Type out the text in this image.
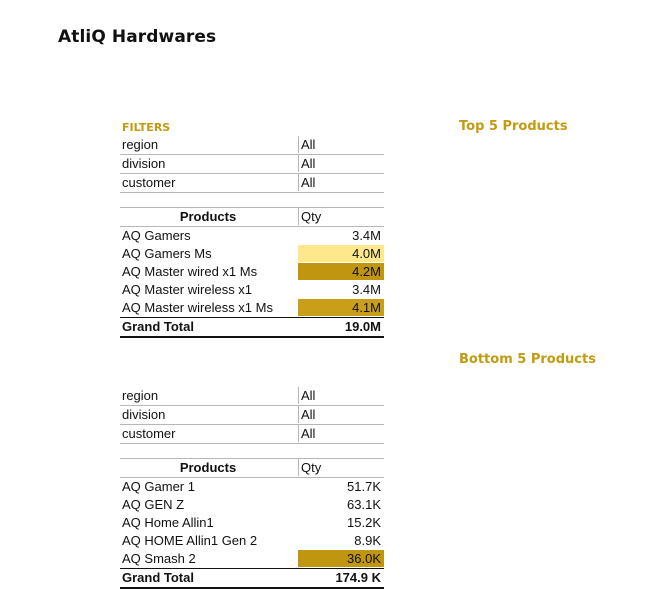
AtliQ Hardwares
Top 5 Products
Bottom 5 Products
FILTERS
region	All
division	All
customer	All
Products	Qty
AQ Gamers	3.4M
AQ Gamers Ms	4.0M
AQ Master wired x1 Ms	4.2M
AQ Master wireless x1	3.4M
AQ Master wireless x1 Ms	4.1M
Grand Total	19.0M
region	All
division	All
customer	All
Products	Qty
AQ Gamer 1	51.7K
AQ GEN Z	63.1K
AQ Home Allin1	15.2K
AQ HOME Allin1 Gen 2	8.9K
AQ Smash 2	36.0K
Grand Total	174.9 K
